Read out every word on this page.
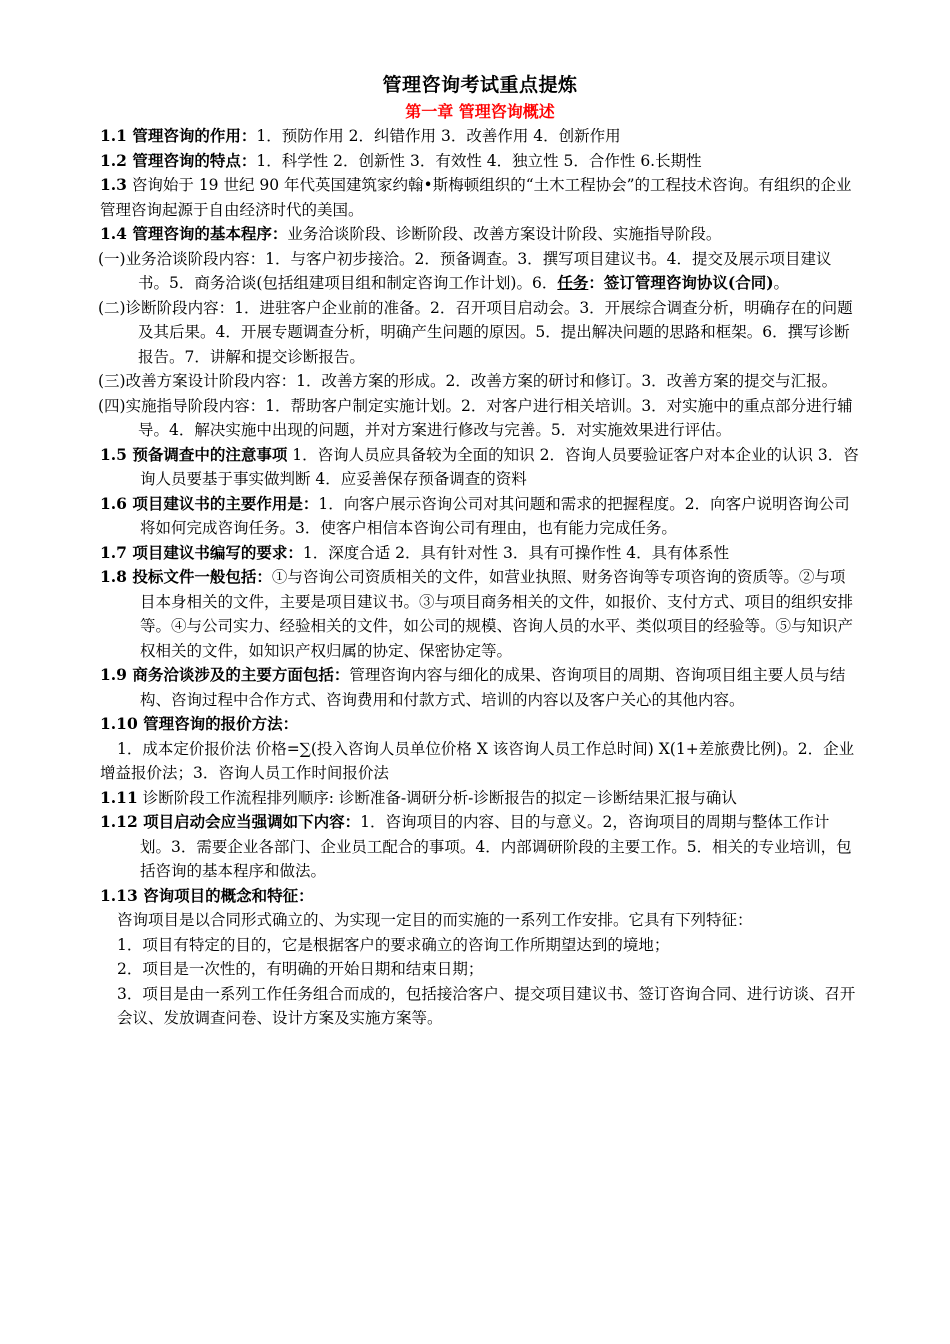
管理咨询考试重点提炼

第一章 管理咨询概述

1.1 管理咨询的作用：1．预防作用 2．纠错作用 3．改善作用 4．创新作用

1.2 管理咨询的特点：1．科学性 2．创新性 3．有效性 4．独立性 5．合作性 6.长期性

1.3 咨询始于 19 世纪 90 年代英国建筑家约翰•斯梅顿组织的“土木工程协会”的工程技术咨询。有组织的企业管理咨询起源于自由经济时代的美国。

1.4 管理咨询的基本程序：业务洽谈阶段、诊断阶段、改善方案设计阶段、实施指导阶段。

(一)业务洽谈阶段内容：1．与客户初步接洽。2．预备调查。3．撰写项目建议书。4．提交及展示项目建议书。5．商务洽谈(包括组建项目组和制定咨询工作计划)。6．任务：签订管理咨询协议(合同)。

(二)诊断阶段内容：1．进驻客户企业前的准备。2．召开项目启动会。3．开展综合调查分析，明确存在的问题及其后果。4．开展专题调查分析，明确产生问题的原因。5．提出解决问题的思路和框架。6．撰写诊断报告。7．讲解和提交诊断报告。

(三)改善方案设计阶段内容：1．改善方案的形成。2．改善方案的研讨和修订。3．改善方案的提交与汇报。

(四)实施指导阶段内容：1．帮助客户制定实施计划。2．对客户进行相关培训。3．对实施中的重点部分进行辅导。4．解决实施中出现的问题，并对方案进行修改与完善。5．对实施效果进行评估。

1.5 预备调查中的注意事项 1．咨询人员应具备较为全面的知识 2．咨询人员要验证客户对本企业的认识 3．咨询人员要基于事实做判断 4．应妥善保存预备调查的资料

1.6 项目建议书的主要作用是：1．向客户展示咨询公司对其问题和需求的把握程度。2．向客户说明咨询公司将如何完成咨询任务。3．使客户相信本咨询公司有理由，也有能力完成任务。

1.7 项目建议书编写的要求：1．深度合适 2．具有针对性 3．具有可操作性 4．具有体系性

1.8 投标文件一般包括：①与咨询公司资质相关的文件，如营业执照、财务咨询等专项咨询的资质等。②与项目本身相关的文件，主要是项目建议书。③与项目商务相关的文件，如报价、支付方式、项目的组织安排等。④与公司实力、经验相关的文件，如公司的规模、咨询人员的水平、类似项目的经验等。⑤与知识产权相关的文件，如知识产权归属的协定、保密协定等。

1.9 商务洽谈涉及的主要方面包括：管理咨询内容与细化的成果、咨询项目的周期、咨询项目组主要人员与结构、咨询过程中合作方式、咨询费用和付款方式、培训的内容以及客户关心的其他内容。

1.10 管理咨询的报价方法：

1．成本定价报价法 价格=∑(投入咨询人员单位价格 X 该咨询人员工作总时间) X(1+差旅费比例)。2．企业增益报价法；3．咨询人员工作时间报价法

1.11 诊断阶段工作流程排列顺序: 诊断准备-调研分析-诊断报告的拟定－诊断结果汇报与确认

1.12 项目启动会应当强调如下内容：1．咨询项目的内容、目的与意义。2，咨询项目的周期与整体工作计划。3．需要企业各部门、企业员工配合的事项。4．内部调研阶段的主要工作。5．相关的专业培训，包括咨询的基本程序和做法。

1.13 咨询项目的概念和特征：

咨询项目是以合同形式确立的、为实现一定目的而实施的一系列工作安排。它具有下列特征：

1．项目有特定的目的，它是根据客户的要求确立的咨询工作所期望达到的境地；

2．项目是一次性的，有明确的开始日期和结束日期；

3．项目是由一系列工作任务组合而成的，包括接洽客户、提交项目建议书、签订咨询合同、进行访谈、召开会议、发放调查问卷、设计方案及实施方案等。
